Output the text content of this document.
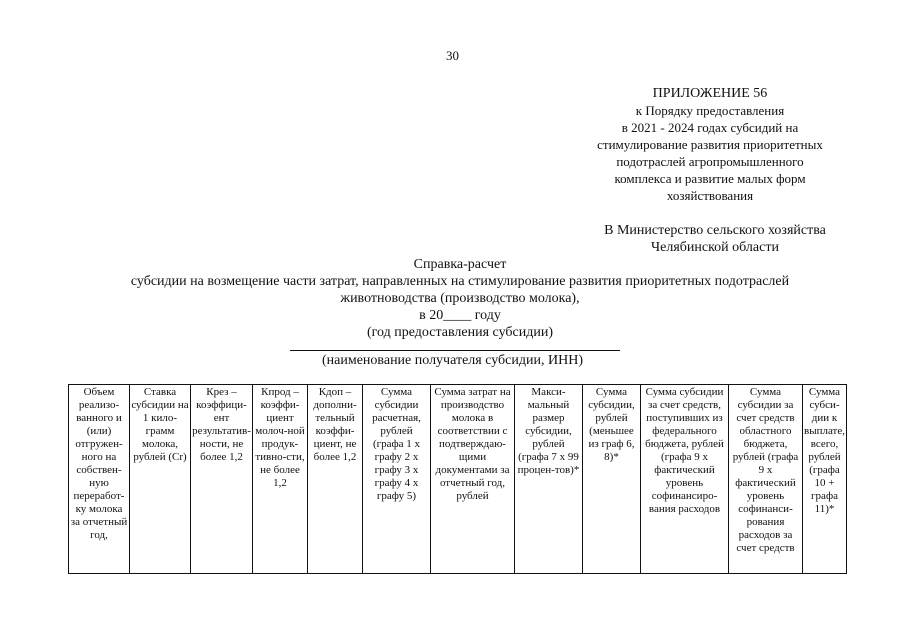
30
ПРИЛОЖЕНИЕ 56
к Порядку предоставления
в 2021 - 2024 годах субсидий на
стимулирование развития приоритетных
подотраслей агропромышленного
комплекса и развитие малых форм
хозяйствования
В Министерство сельского хозяйства
Челябинской области
Справка-расчет
субсидии на возмещение части затрат, направленных на стимулирование развития приоритетных подотраслей
животноводства (производство молока),
в 20____ году
(год предоставления субсидии)
(наименование получателя субсидии, ИНН)
Объем реализо-ванного и (или) отгружен-ного на собствен-ную переработ-ку молока за отчетный год,	Ставка субсидии на 1 кило-грамм молока, рублей (Сr)	Крез – коэффици-ент результатив-ности, не более 1,2	Кпрод – коэффи-циент молоч-ной продук-тивно-сти, не более 1,2	Кдоп – дополни-тельный коэффи-циент, не более 1,2	Сумма субсидии расчетная, рублей (графа 1 х графу 2 х графу 3 х графу 4 х графу 5)	Сумма затрат на производство молока в соответствии с подтверждаю-щими документами за отчетный год, рублей	Макси-мальный размер субсидии, рублей (графа 7 х 99 процен-тов)*	Сумма субсидии, рублей (меньшее из граф 6, 8)*	Сумма субсидии за счет средств, поступивших из федерального бюджета, рублей (графа 9 х фактический уровень софинансиро-вания расходов	Сумма субсидии за счет средств областного бюджета, рублей (графа 9 х фактический уровень софинанси-рования расходов за счет средств	Сумма субси-дии к выплате, всего, рублей (графа 10 + графа 11)*
